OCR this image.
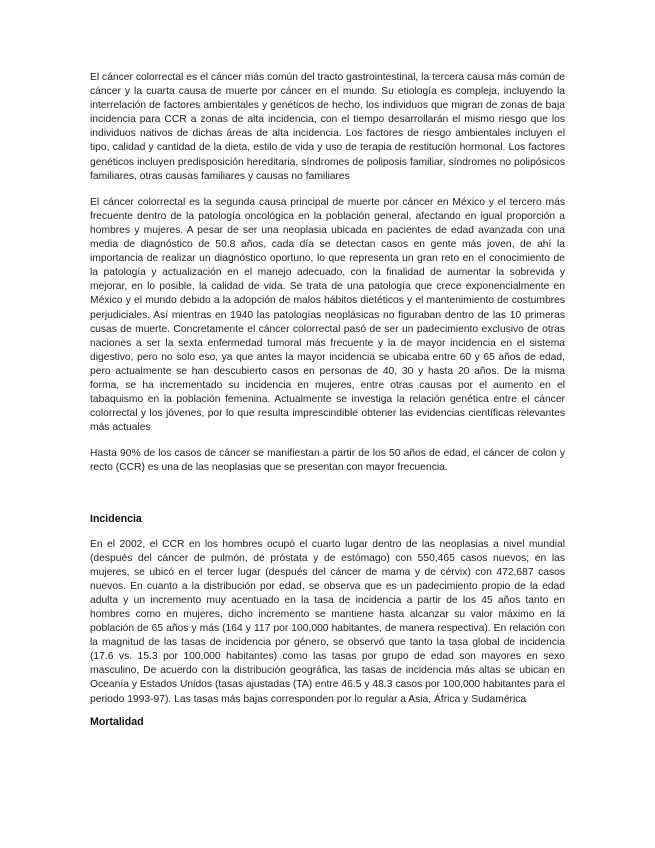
El cáncer colorrectal es el cáncer más común del tracto gastrointestinal, la tercera causa más común de cáncer y la cuarta causa de muerte por cáncer en el mundo. Su etiología es compleja, incluyendo la interrelación de factores ambientales y genéticos de hecho, los individuos que migran de zonas de baja incidencia para CCR a zonas de alta incidencia, con el tiempo desarrollarán el mismo riesgo que los individuos nativos de dichas áreas de alta incidencia. Los factores de riesgo ambientales incluyen el tipo, calidad y cantidad de la dieta, estilo de vida y uso de terapia de restitución hormonal. Los factores genéticos incluyen predisposición hereditaria, síndromes de poliposis familiar, síndromes no polipósicos familiares, otras causas familiares y causas no familiares

El cáncer colorrectal es la segunda causa principal de muerte por cáncer en México y el tercero más frecuente dentro de la patología oncológica en la población general, afectando en igual proporción a hombres y mujeres. A pesar de ser una neoplasia ubicada en pacientes de edad avanzada con una media de diagnóstico de 50.8 años, cada día se detectan casos en gente más joven, de ahí la importancia de realizar un diagnóstico oportuno, lo que representa un gran reto en el conocimiento de la patología y actualización en el manejo adecuado, con la finalidad de aumentar la sobrevida y mejorar, en lo posible, la calidad de vida. Se trata de una patología que crece exponencialmente en México y el mundo debido a la adopción de malos hábitos dietéticos y el mantenimiento de costumbres perjudiciales. Así mientras en 1940 las patologías neoplásicas no figuraban dentro de las 10 primeras cusas de muerte. Concretamente el cáncer colorrectal pasó de ser un padecimiento exclusivo de otras naciones a ser la sexta enfermedad tumoral más frecuente y la de mayor incidencia en el sistema digestivo, pero no solo eso, ya que antes la mayor incidencia se ubicaba entre 60 y 65 años de edad, pero actualmente se han descubierto casos en personas de 40, 30 y hasta 20 años. De la misma forma, se ha incrementado su incidencia en mujeres, entre otras causas por el aumento en el tabaquismo en la población femenina. Actualmente se investiga la relación genética entre el cáncer colorrectal y los jóvenes, por lo que resulta imprescindible obtener las evidencias científicas relevantes más actuales

Hasta 90% de los casos de cáncer se manifiestan a partir de los 50 años de edad, el cáncer de colon y recto (CCR) es una de las neoplasias que se presentan con mayor frecuencia.

Incidencia

En el 2002, el CCR en los hombres ocupó el cuarto lugar dentro de las neoplasias a nivel mundial (después del cáncer de pulmón, de próstata y de estómago) con 550,465 casos nuevos; en las mujeres, se ubicó en el tercer lugar (después del cáncer de mama y de cérvix) con 472,687 casos nuevos. En cuanto a la distribución por edad, se observa que es un padecimiento propio de la edad adulta y un incremento muy acentuado en la tasa de incidencia a partir de los 45 años tanto en hombres como en mujeres, dicho incremento se mantiene hasta alcanzar su valor máximo en la población de 65 años y más (164 y 117 por 100,000 habitantes, de manera respectiva). En relación con la magnitud de las tasas de incidencia por género, se observó que tanto la tasa global de incidencia (17.6 vs. 15.3 por 100,000 habitantes) como las tasas por grupo de edad son mayores en sexo masculino, De acuerdo con la distribución geográfica, las tasas de incidencia más altas se ubican en Oceanía y Estados Unidos (tasas ajustadas (TA) entre 46.5 y 48.3 casos por 100,000 habitantes para el periodo 1993-97). Las tasas más bajas corresponden por lo regular a Asia, África y Sudamérica

Mortalidad
